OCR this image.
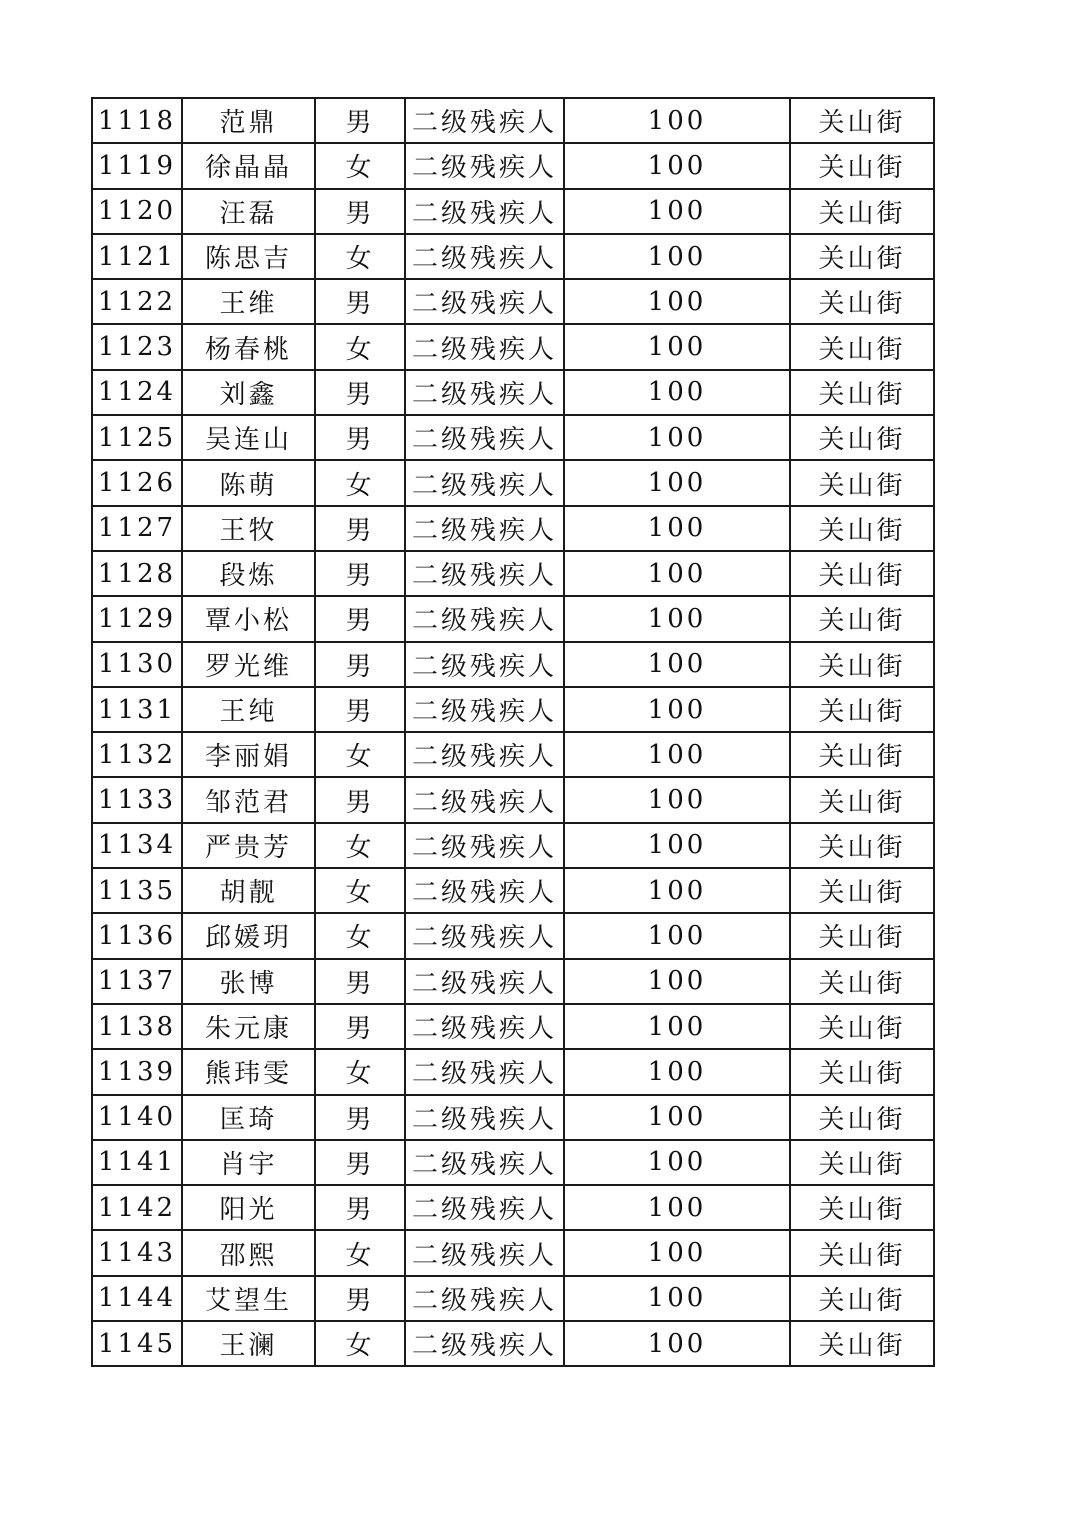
1118	范鼎	男	二级残疾人	100	关山街
1119	徐晶晶	女	二级残疾人	100	关山街
1120	汪磊	男	二级残疾人	100	关山街
1121	陈思吉	女	二级残疾人	100	关山街
1122	王维	男	二级残疾人	100	关山街
1123	杨春桃	女	二级残疾人	100	关山街
1124	刘鑫	男	二级残疾人	100	关山街
1125	吴连山	男	二级残疾人	100	关山街
1126	陈萌	女	二级残疾人	100	关山街
1127	王牧	男	二级残疾人	100	关山街
1128	段炼	男	二级残疾人	100	关山街
1129	覃小松	男	二级残疾人	100	关山街
1130	罗光维	男	二级残疾人	100	关山街
1131	王纯	男	二级残疾人	100	关山街
1132	李丽娟	女	二级残疾人	100	关山街
1133	邹范君	男	二级残疾人	100	关山街
1134	严贵芳	女	二级残疾人	100	关山街
1135	胡靓	女	二级残疾人	100	关山街
1136	邱媛玥	女	二级残疾人	100	关山街
1137	张博	男	二级残疾人	100	关山街
1138	朱元康	男	二级残疾人	100	关山街
1139	熊玮雯	女	二级残疾人	100	关山街
1140	匡琦	男	二级残疾人	100	关山街
1141	肖宇	男	二级残疾人	100	关山街
1142	阳光	男	二级残疾人	100	关山街
1143	邵熙	女	二级残疾人	100	关山街
1144	艾望生	男	二级残疾人	100	关山街
1145	王澜	女	二级残疾人	100	关山街
